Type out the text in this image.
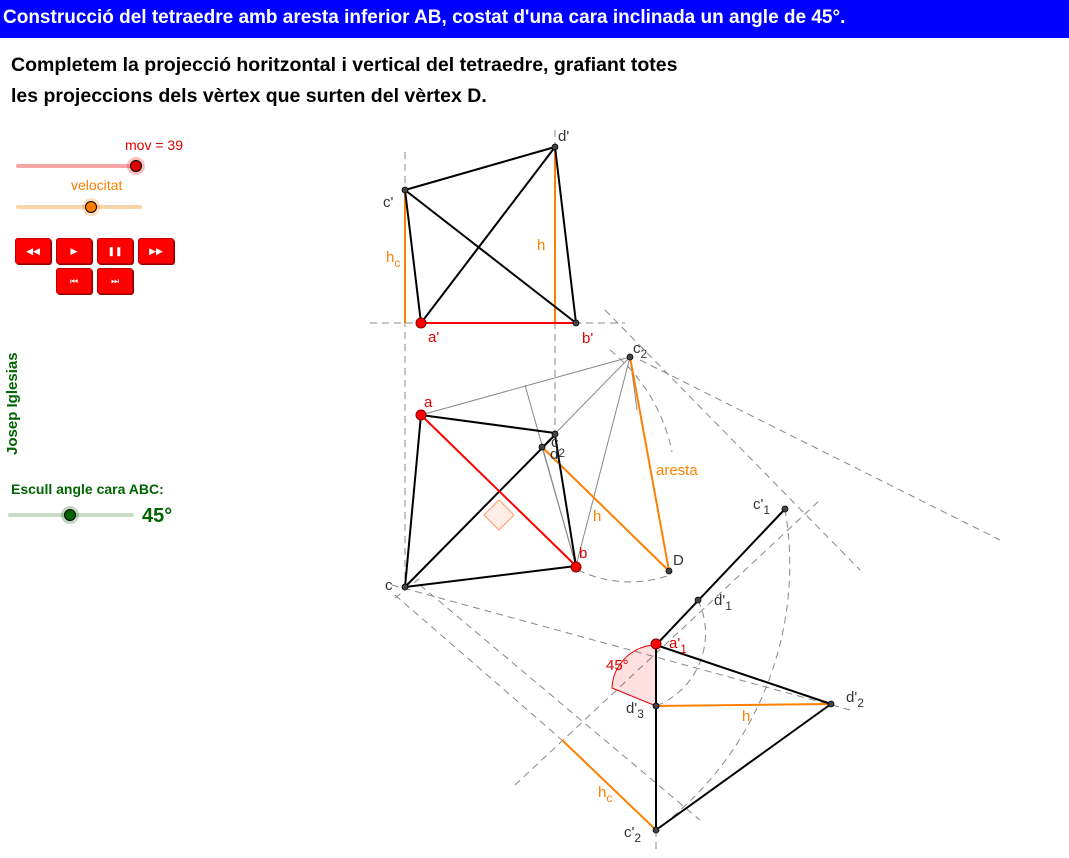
Construcció del tetraedre amb aresta inferior AB, costat d'una cara inclinada un angle de 45°.
Completem la projecció horitzontal i vertical del tetraedre, grafiant totes
les projeccions dels vèrtex que surten del vèrtex D.
mov = 39
velocitat
◀◀	▶	❚❚	▶▶
⏮	⏭
Josep Iglesias
Escull angle cara ABC:
45°
d'
c'
$c_2$
c
d2
c
D
$c'_1$
$d'_1$
$d'_2$
$d'_3$
$c'_2$
a'	b'
a
b
$a'_1$
45°
$h_c$
h
h
aresta
h
$h_c$
